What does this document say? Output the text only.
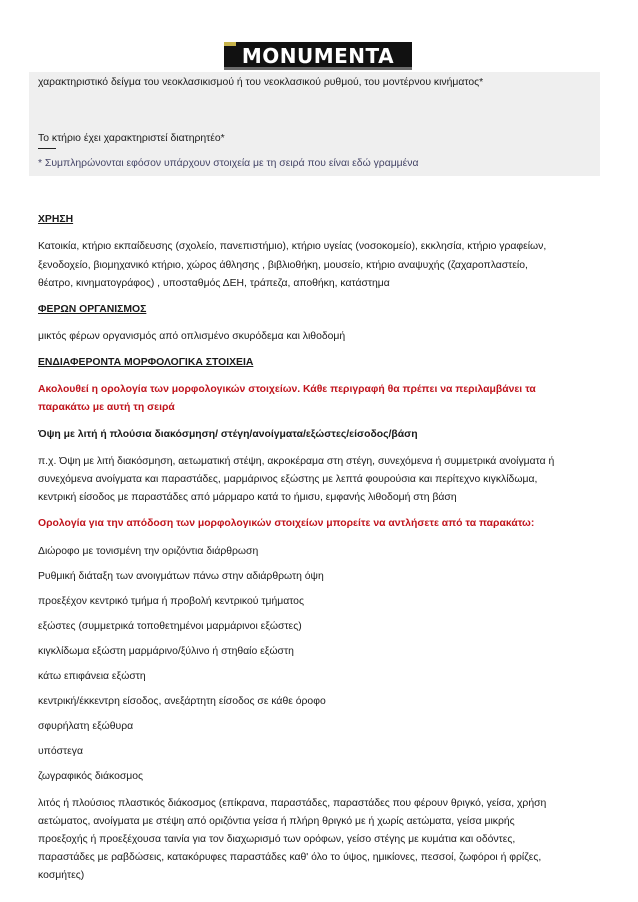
MONUMENTA
χαρακτηριστικό δείγμα του νεοκλασικισμού ή του νεοκλασικού ρυθμού, του μοντέρνου κινήματος*
Το κτήριο έχει χαρακτηριστεί διατηρητέο*
* Συμπληρώνονται εφόσον υπάρχουν στοιχεία με τη σειρά που είναι εδώ γραμμένα
ΧΡΗΣΗ
Κατοικία, κτήριο εκπαίδευσης (σχολείο, πανεπιστήμιο), κτήριο υγείας (νοσοκομείο), εκκλησία, κτήριο γραφείων,
ξενοδοχείο, βιομηχανικό κτήριο, χώρος άθλησης , βιβλιοθήκη, μουσείο, κτήριο αναψυχής (ζαχαροπλαστείο,
θέατρο, κινηματογράφος) , υποσταθμός ΔΕΗ, τράπεζα, αποθήκη, κατάστημα
ΦΕΡΩΝ ΟΡΓΑΝΙΣΜΟΣ
μικτός φέρων οργανισμός από οπλισμένο σκυρόδεμα και λιθοδομή
ΕΝΔΙΑΦΕΡΟΝΤΑ ΜΟΡΦΟΛΟΓΙΚΑ ΣΤΟΙΧΕΙΑ
Ακολουθεί η ορολογία των μορφολογικών στοιχείων. Κάθε περιγραφή θα πρέπει να περιλαμβάνει τα
παρακάτω με αυτή τη σειρά
Όψη με λιτή ή πλούσια διακόσμηση/ στέγη/ανοίγματα/εξώστες/είσοδος/βάση
π.χ. Όψη με λιτή διακόσμηση, αετωματική στέψη, ακροκέραμα στη στέγη, συνεχόμενα ή συμμετρικά ανοίγματα ή
συνεχόμενα ανοίγματα και παραστάδες, μαρμάρινος εξώστης με λεπτά φουρούσια και περίτεχνο κιγκλίδωμα,
κεντρική είσοδος με παραστάδες από μάρμαρο κατά το ήμισυ, εμφανής λιθοδομή στη βάση
Ορολογία για την απόδοση των μορφολογικών στοιχείων μπορείτε να αντλήσετε από τα παρακάτω:
Διώροφο με τονισμένη την οριζόντια διάρθρωση
Ρυθμική διάταξη των ανοιγμάτων πάνω στην αδιάρθρωτη όψη
προεξέχον κεντρικό τμήμα ή προβολή κεντρικού τμήματος
εξώστες (συμμετρικά τοποθετημένοι μαρμάρινοι εξώστες)
κιγκλίδωμα εξώστη μαρμάρινο/ξύλινο ή στηθαίο εξώστη
κάτω επιφάνεια εξώστη
κεντρική/έκκεντρη είσοδος, ανεξάρτητη είσοδος σε κάθε όροφο
σφυρήλατη εξώθυρα
υπόστεγα
ζωγραφικός διάκοσμος
λιτός ή πλούσιος πλαστικός διάκοσμος (επίκρανα, παραστάδες, παραστάδες που φέρουν θριγκό, γείσα, χρήση
αετώματος, ανοίγματα με στέψη από οριζόντια γείσα ή πλήρη θριγκό με ή χωρίς αετώματα, γείσα μικρής
προεξοχής ή προεξέχουσα ταινία για τον διαχωρισμό των ορόφων, γείσο στέγης με κυμάτια και οδόντες,
παραστάδες με ραβδώσεις, κατακόρυφες παραστάδες καθ' όλο το ύψος, ημικίονες, πεσσοί, ζωφόροι ή φρίζες,
κοσμήτες)
